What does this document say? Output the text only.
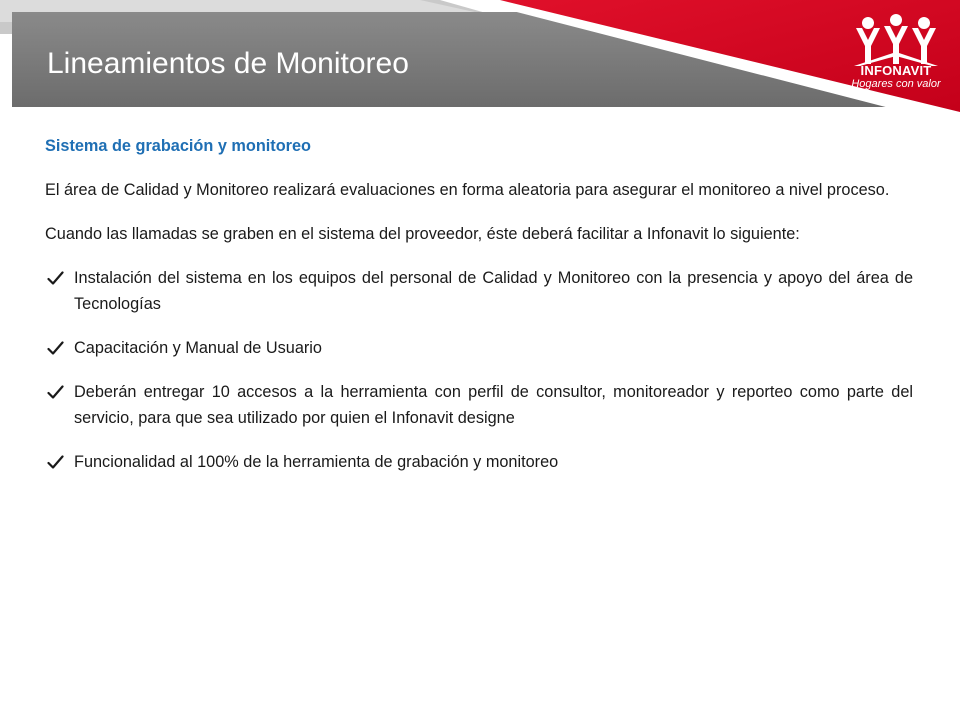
Lineamientos de Monitoreo	INFONAVIT
Hogares con valor

Sistema de grabación y monitoreo

El área de Calidad y Monitoreo realizará evaluaciones en forma aleatoria para asegurar el monitoreo a nivel proceso.

Cuando las llamadas se graben en el sistema del proveedor, éste deberá facilitar a Infonavit lo siguiente:

Instalación del sistema en los equipos del personal de Calidad y Monitoreo con la presencia y apoyo del área de Tecnologías
Capacitación y Manual de Usuario
Deberán entregar 10 accesos a la herramienta con perfil de consultor, monitoreador y reporteo como parte del servicio, para que sea utilizado por quien el Infonavit designe
Funcionalidad al 100% de la herramienta de grabación y monitoreo
